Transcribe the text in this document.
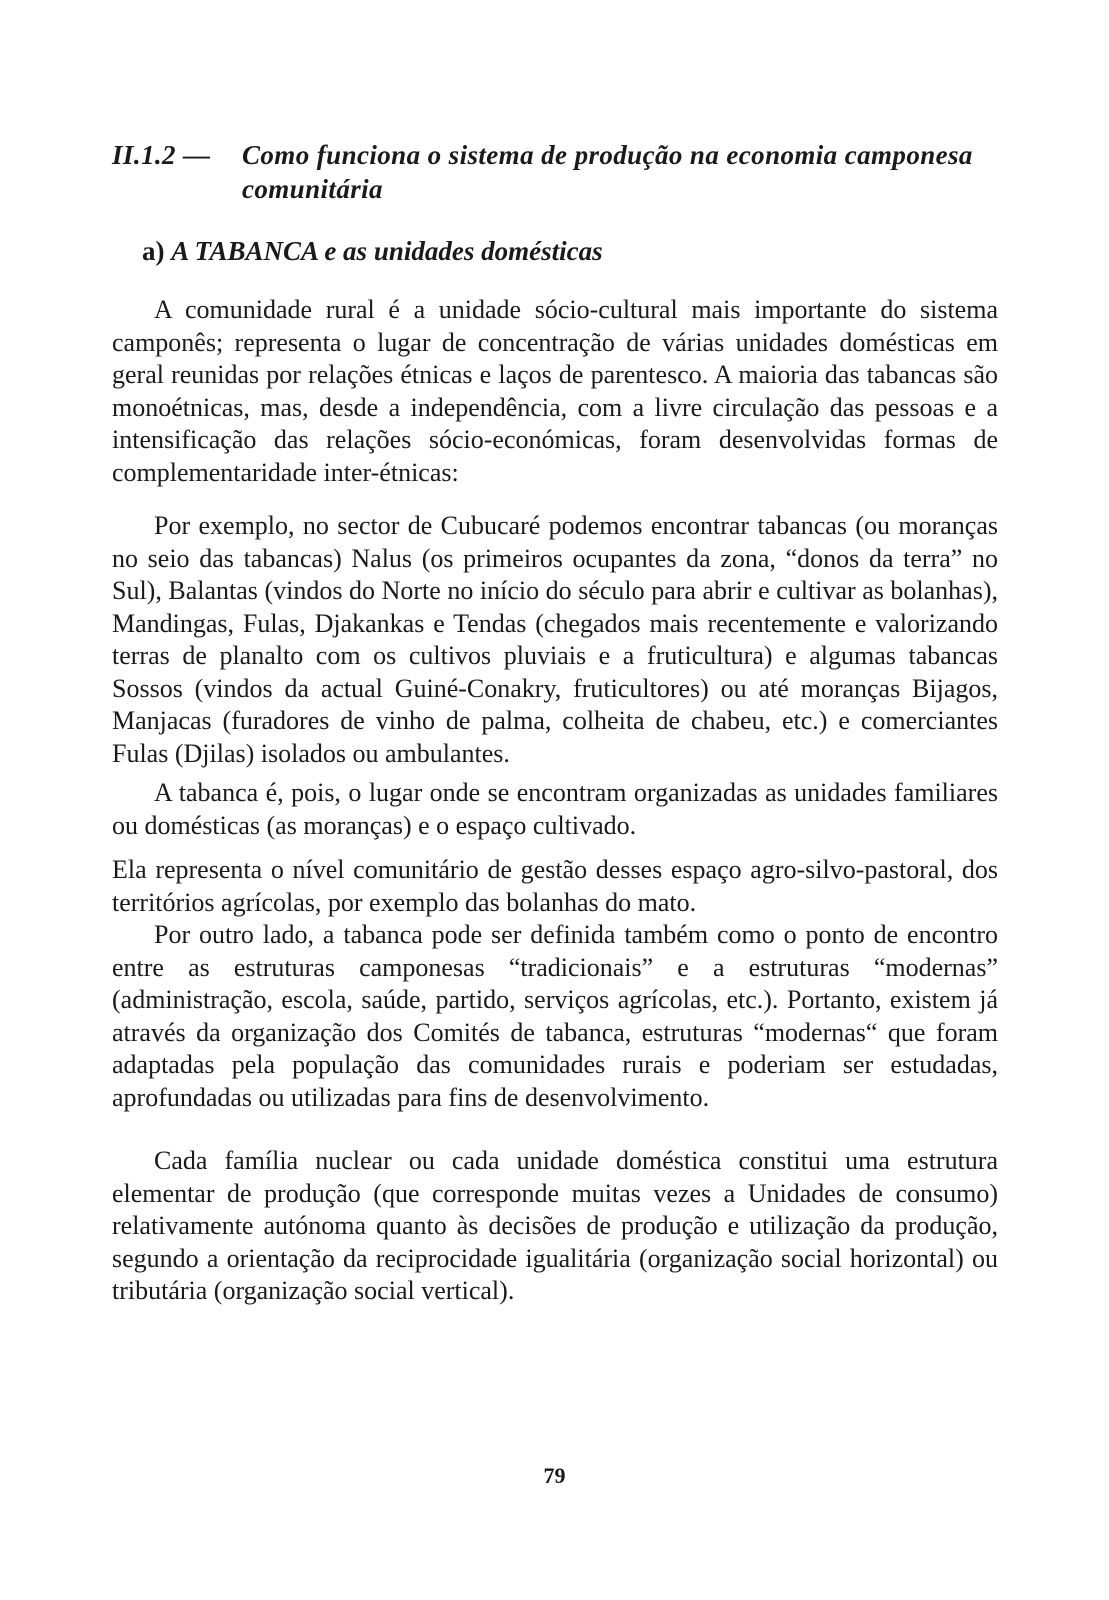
II.1.2 —	Como funciona o sistema de produção na economia camponesa comunitária
a) A TABANCA e as unidades domésticas

A comunidade rural é a unidade sócio-cultural mais importante do sistema camponês; representa o lugar de concentração de várias unidades domésticas em geral reunidas por relações étnicas e laços de parentesco. A maioria das tabancas são monoétnicas, mas, desde a independência, com a livre circulação das pessoas e a intensificação das relações sócio-económicas, foram desenvolvidas formas de complementaridade inter-étnicas:

Por exemplo, no sector de Cubucaré podemos encontrar tabancas (ou moranças no seio das tabancas) Nalus (os primeiros ocupantes da zona, “donos da terra” no Sul), Balantas (vindos do Norte no início do século para abrir e cultivar as bolanhas), Mandingas, Fulas, Djakankas e Tendas (chegados mais recentemente e valorizando terras de planalto com os cultivos pluviais e a fruticultura) e algumas tabancas Sossos (vindos da actual Guiné-Conakry, fruticultores) ou até moranças Bijagos, Manjacas (furadores de vinho de palma, colheita de chabeu, etc.) e comerciantes Fulas (Djilas) isolados ou ambulantes.

A tabanca é, pois, o lugar onde se encontram organizadas as unidades familiares ou domésticas (as moranças) e o espaço cultivado.

Ela representa o nível comunitário de gestão desses espaço agro-silvo-pastoral, dos territórios agrícolas, por exemplo das bolanhas do mato.

Por outro lado, a tabanca pode ser definida também como o ponto de encontro entre as estruturas camponesas “tradicionais” e a estruturas “modernas” (administração, escola, saúde, partido, serviços agrícolas, etc.). Portanto, existem já através da organização dos Comités de tabanca, estruturas “modernas“ que foram adaptadas pela população das comunidades rurais e poderiam ser estudadas, aprofundadas ou utilizadas para fins de desenvolvimento.

Cada família nuclear ou cada unidade doméstica constitui uma estrutura elementar de produção (que corresponde muitas vezes a Unidades de consumo) relativamente autónoma quanto às decisões de produção e utilização da produção, segundo a orientação da reciprocidade igualitária (organização social horizontal) ou tributária (organização social vertical).

79
